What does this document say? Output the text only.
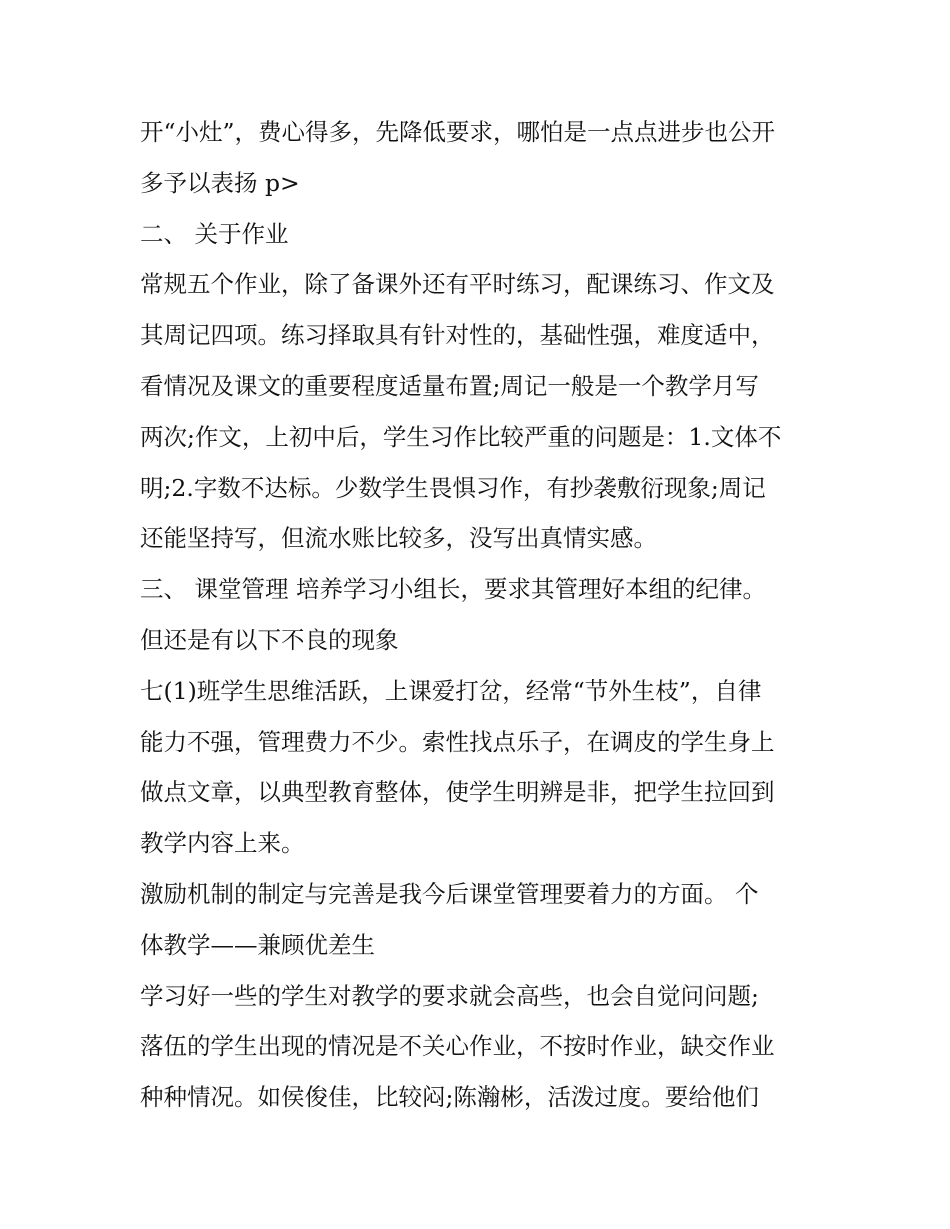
开“小灶”，费心得多，先降低要求，哪怕是一点点进步也公开
多予以表扬 p>
二、 关于作业
常规五个作业，除了备课外还有平时练习，配课练习、作文及
其周记四项。练习择取具有针对性的，基础性强，难度适中，
看情况及课文的重要程度适量布置;周记一般是一个教学月写
两次;作文，上初中后，学生习作比较严重的问题是：1.文体不
明;2.字数不达标。少数学生畏惧习作，有抄袭敷衍现象;周记
还能坚持写，但流水账比较多，没写出真情实感。
三、 课堂管理 培养学习小组长，要求其管理好本组的纪律。
但还是有以下不良的现象
七(1)班学生思维活跃，上课爱打岔，经常“节外生枝”，自律
能力不强，管理费力不少。索性找点乐子，在调皮的学生身上
做点文章，以典型教育整体，使学生明辨是非，把学生拉回到
教学内容上来。
激励机制的制定与完善是我今后课堂管理要着力的方面。 个
体教学——兼顾优差生
学习好一些的学生对教学的要求就会高些，也会自觉问问题;
落伍的学生出现的情况是不关心作业，不按时作业，缺交作业
种种情况。如侯俊佳，比较闷;陈瀚彬，活泼过度。要给他们
